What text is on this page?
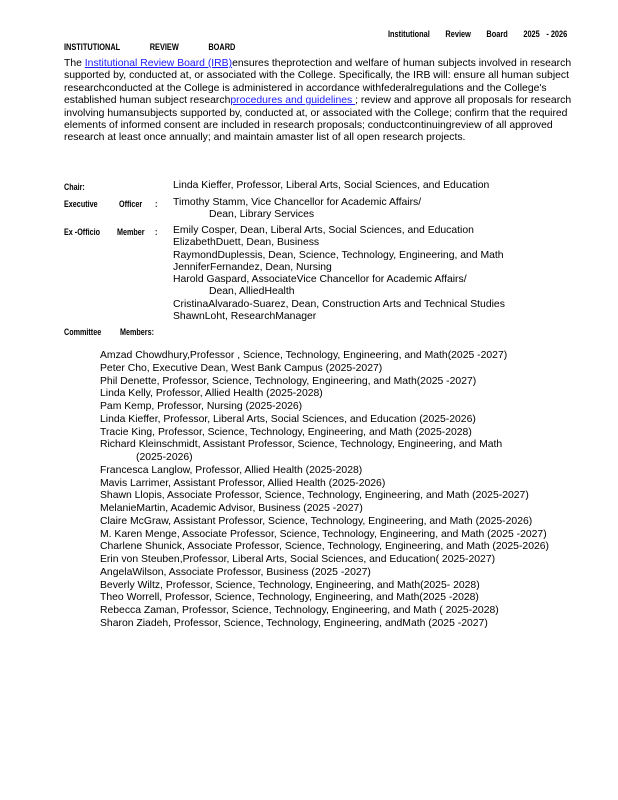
Institutional Review Board 2025 - 2026
INSTITUTIONAL	REVIEW	BOARD
The Institutional Review Board (IRB)ensures theprotection and welfare of human subjects involved in research supported by, conducted at, or associated with the College. Specifically, the IRB will: ensure all human subject researchconducted at the College is administered in accordance withfederalregulations and the College's established human subject researchprocedures and guidelines ; review and approve all proposals for research involving humansubjects supported by, conducted at, or associated with the College; confirm that the required elements of informed consent are included in research proposals; conductcontinuingreview of all approved research at least once annually; and maintain amaster list of all open research projects.
Chair:	Linda Kieffer, Professor, Liberal Arts, Social Sciences, and Education
Executive Officer : Timothy Stamm, Vice Chancellor for Academic Affairs/
Dean, Library Services
Ex -Officio Member : Emily Cosper, Dean, Liberal Arts, Social Sciences, and Education
ElizabethDuett, Dean, Business
RaymondDuplessis, Dean, Science, Technology, Engineering, and Math
JenniferFernandez, Dean, Nursing
Harold Gaspard, AssociateVice Chancellor for Academic Affairs/
Dean, AlliedHealth
CristinaAlvarado-Suarez, Dean, Construction Arts and Technical Studies
ShawnLoht, ResearchManager
Committee Members:
Amzad Chowdhury,Professor , Science, Technology, Engineering, and Math(2025 -2027)
Peter Cho, Executive Dean, West Bank Campus (2025-2027)
Phil Denette, Professor, Science, Technology, Engineering, and Math(2025 -2027)
Linda Kelly, Professor, Allied Health (2025-2028)
Pam Kemp, Professor, Nursing (2025-2026)
Linda Kieffer, Professor, Liberal Arts, Social Sciences, and Education (2025-2026)
Tracie King, Professor, Science, Technology, Engineering, and Math (2025-2028)
Richard Kleinschmidt, Assistant Professor, Science, Technology, Engineering, and Math
(2025-2026)
Francesca Langlow, Professor, Allied Health (2025-2028)
Mavis Larrimer, Assistant Professor, Allied Health (2025-2026)
Shawn Llopis, Associate Professor, Science, Technology, Engineering, and Math (2025-2027)
MelanieMartin, Academic Advisor, Business (2025 -2027)
Claire McGraw, Assistant Professor, Science, Technology, Engineering, and Math (2025-2026)
M. Karen Menge, Associate Professor, Science, Technology, Engineering, and Math (2025 -2027)
Charlene Shunick, Associate Professor, Science, Technology, Engineering, and Math (2025-2026)
Erin von Steuben,Professor, Liberal Arts, Social Sciences, and Education( 2025-2027)
AngelaWilson, Associate Professor, Business (2025 -2027)
Beverly Wiltz, Professor, Science, Technology, Engineering, and Math(2025- 2028)
Theo Worrell, Professor, Science, Technology, Engineering, and Math(2025 -2028)
Rebecca Zaman, Professor, Science, Technology, Engineering, and Math ( 2025-2028)
Sharon Ziadeh, Professor, Science, Technology, Engineering, andMath (2025 -2027)
